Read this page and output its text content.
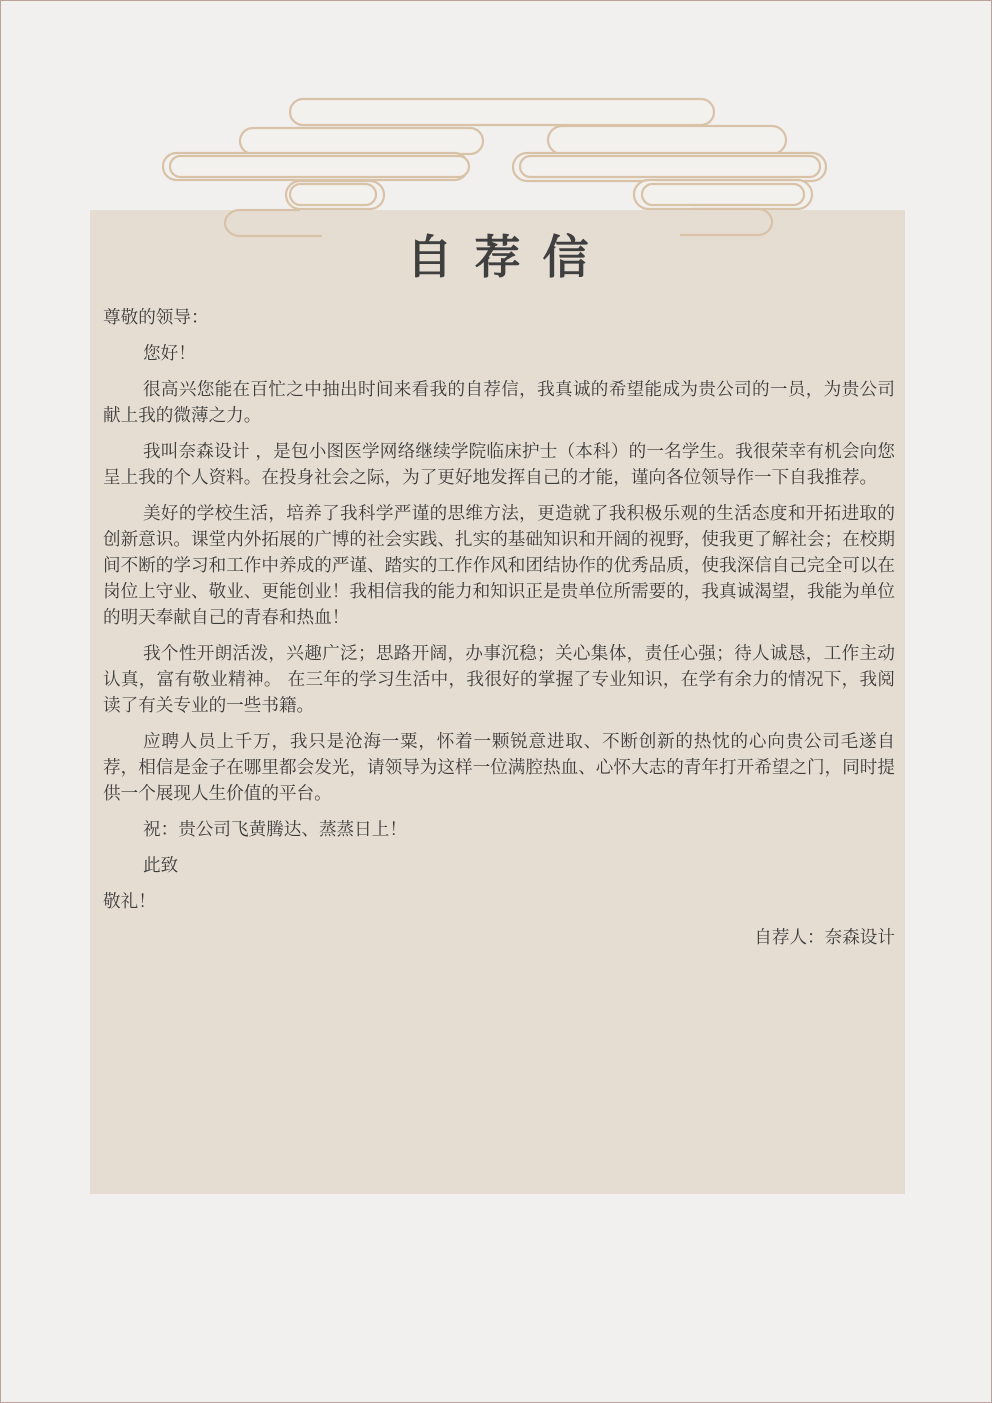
自荐信

尊敬的领导：

您好！

很高兴您能在百忙之中抽出时间来看我的自荐信，我真诚的希望能成为贵公司的一员，为贵公司献上我的微薄之力。

我叫奈森设计 ，是包小图医学网络继续学院临床护士（本科）的一名学生。我很荣幸有机会向您呈上我的个人资料。在投身社会之际，为了更好地发挥自己的才能，谨向各位领导作一下自我推荐。

美好的学校生活，培养了我科学严谨的思维方法，更造就了我积极乐观的生活态度和开拓进取的创新意识。课堂内外拓展的广博的社会实践、扎实的基础知识和开阔的视野，使我更了解社会；在校期间不断的学习和工作中养成的严谨、踏实的工作作风和团结协作的优秀品质，使我深信自己完全可以在岗位上守业、敬业、更能创业！我相信我的能力和知识正是贵单位所需要的，我真诚渴望，我能为单位的明天奉献自己的青春和热血！

我个性开朗活泼，兴趣广泛；思路开阔，办事沉稳；关心集体，责任心强；待人诚恳，工作主动认真，富有敬业精神。 在三年的学习生活中，我很好的掌握了专业知识，在学有余力的情况下，我阅读了有关专业的一些书籍。

应聘人员上千万，我只是沧海一粟，怀着一颗锐意进取、不断创新的热忱的心向贵公司毛遂自荐，相信是金子在哪里都会发光，请领导为这样一位满腔热血、心怀大志的青年打开希望之门，同时提供一个展现人生价值的平台。

祝：贵公司飞黄腾达、蒸蒸日上！

此致

敬礼！

自荐人：奈森设计
